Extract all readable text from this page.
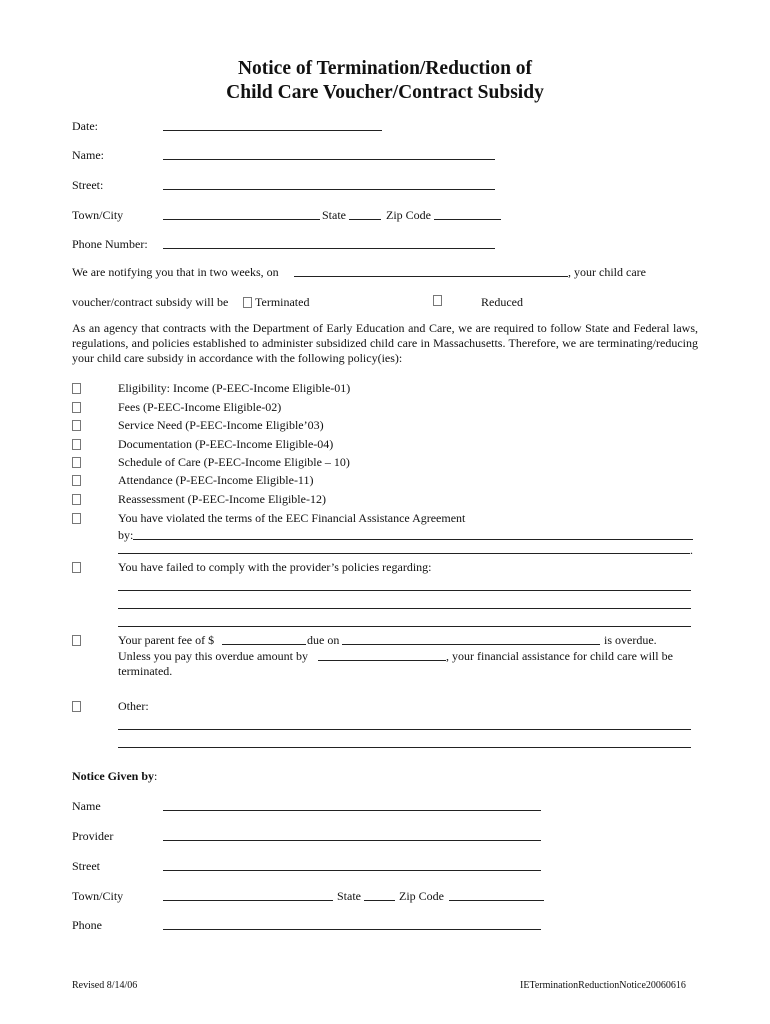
Notice of Termination/Reduction of
Child Care Voucher/Contract Subsidy
Date:
Name:
Street:
Town/City	State	Zip Code
Phone Number:
We are notifying you that in two weeks, on	, your child care
voucher/contract subsidy will be Terminated	Reduced
As an agency that contracts with the Department of Early Education and Care, we are required to follow State and Federal laws, regulations, and policies established to administer subsidized child care in Massachusetts. Therefore, we are terminating/reducing your child care subsidy in accordance with the following policy(ies):
Eligibility: Income (P-EEC-Income Eligible-01)
Fees (P-EEC-Income Eligible-02)
Service Need (P-EEC-Income Eligible’03)
Documentation (P-EEC-Income Eligible-04)
Schedule of Care (P-EEC-Income Eligible – 10)
Attendance (P-EEC-Income Eligible-11)
Reassessment (P-EEC-Income Eligible-12)
You have violated the terms of the EEC Financial Assistance Agreement
by:
.
You have failed to comply with the provider’s policies regarding:
Your parent fee of $	due on	is overdue.
Unless you pay this overdue amount by	, your financial assistance for child care will be
terminated.
Other:
Notice Given by:
Name
Provider
Street
Town/City	State	Zip Code
Phone
Revised 8/14/06	IETerminationReductionNotice20060616
